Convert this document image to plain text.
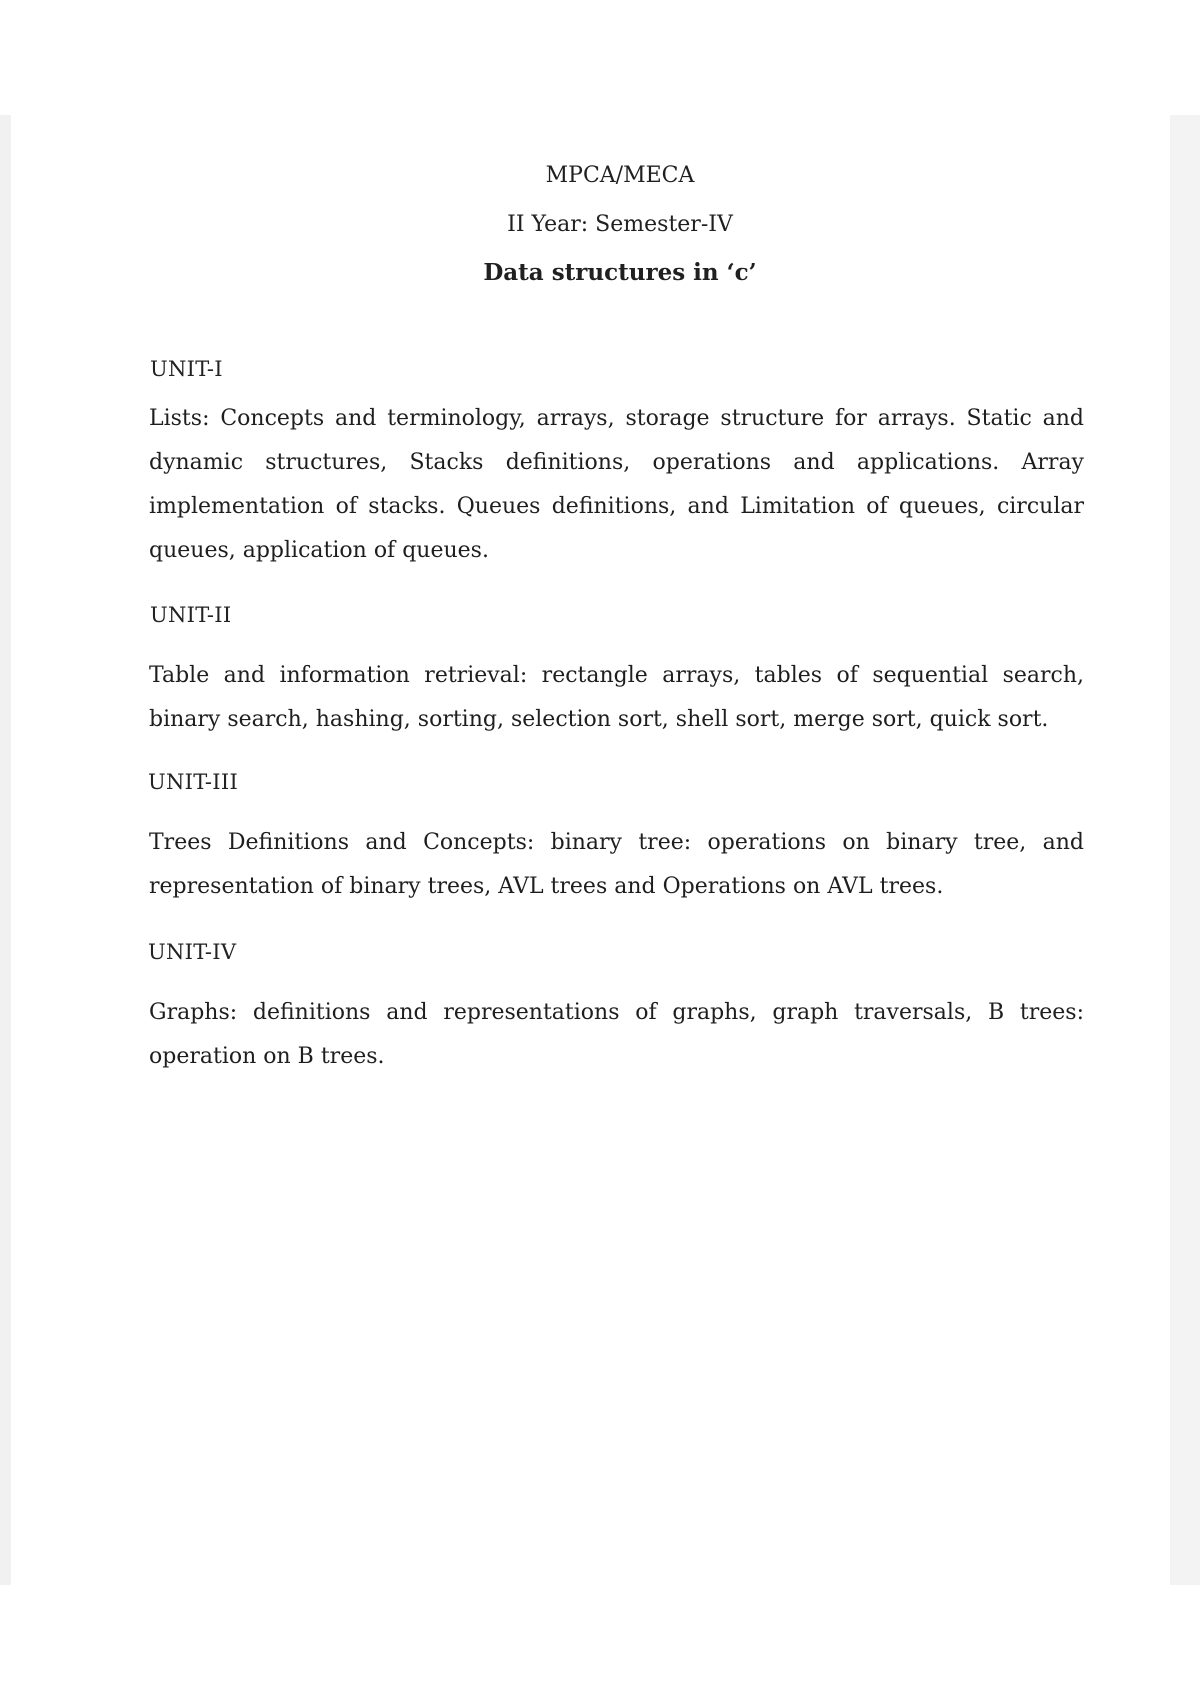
MPCA/MECA

II Year: Semester-IV

Data structures in ‘c’

UNIT-I

Lists: Concepts and terminology, arrays, storage structure for arrays. Static and dynamic structures, Stacks definitions, operations and applications. Array implementation of stacks. Queues definitions, and Limitation of queues, circular queues, application of queues.

UNIT-II

Table and information retrieval: rectangle arrays, tables of sequential search, binary search, hashing, sorting, selection sort, shell sort, merge sort, quick sort.

UNIT-III

Trees Definitions and Concepts: binary tree: operations on binary tree, and representation of binary trees, AVL trees and Operations on AVL trees.

UNIT-IV

Graphs: definitions and representations of graphs, graph traversals, B trees: operation on B trees.
